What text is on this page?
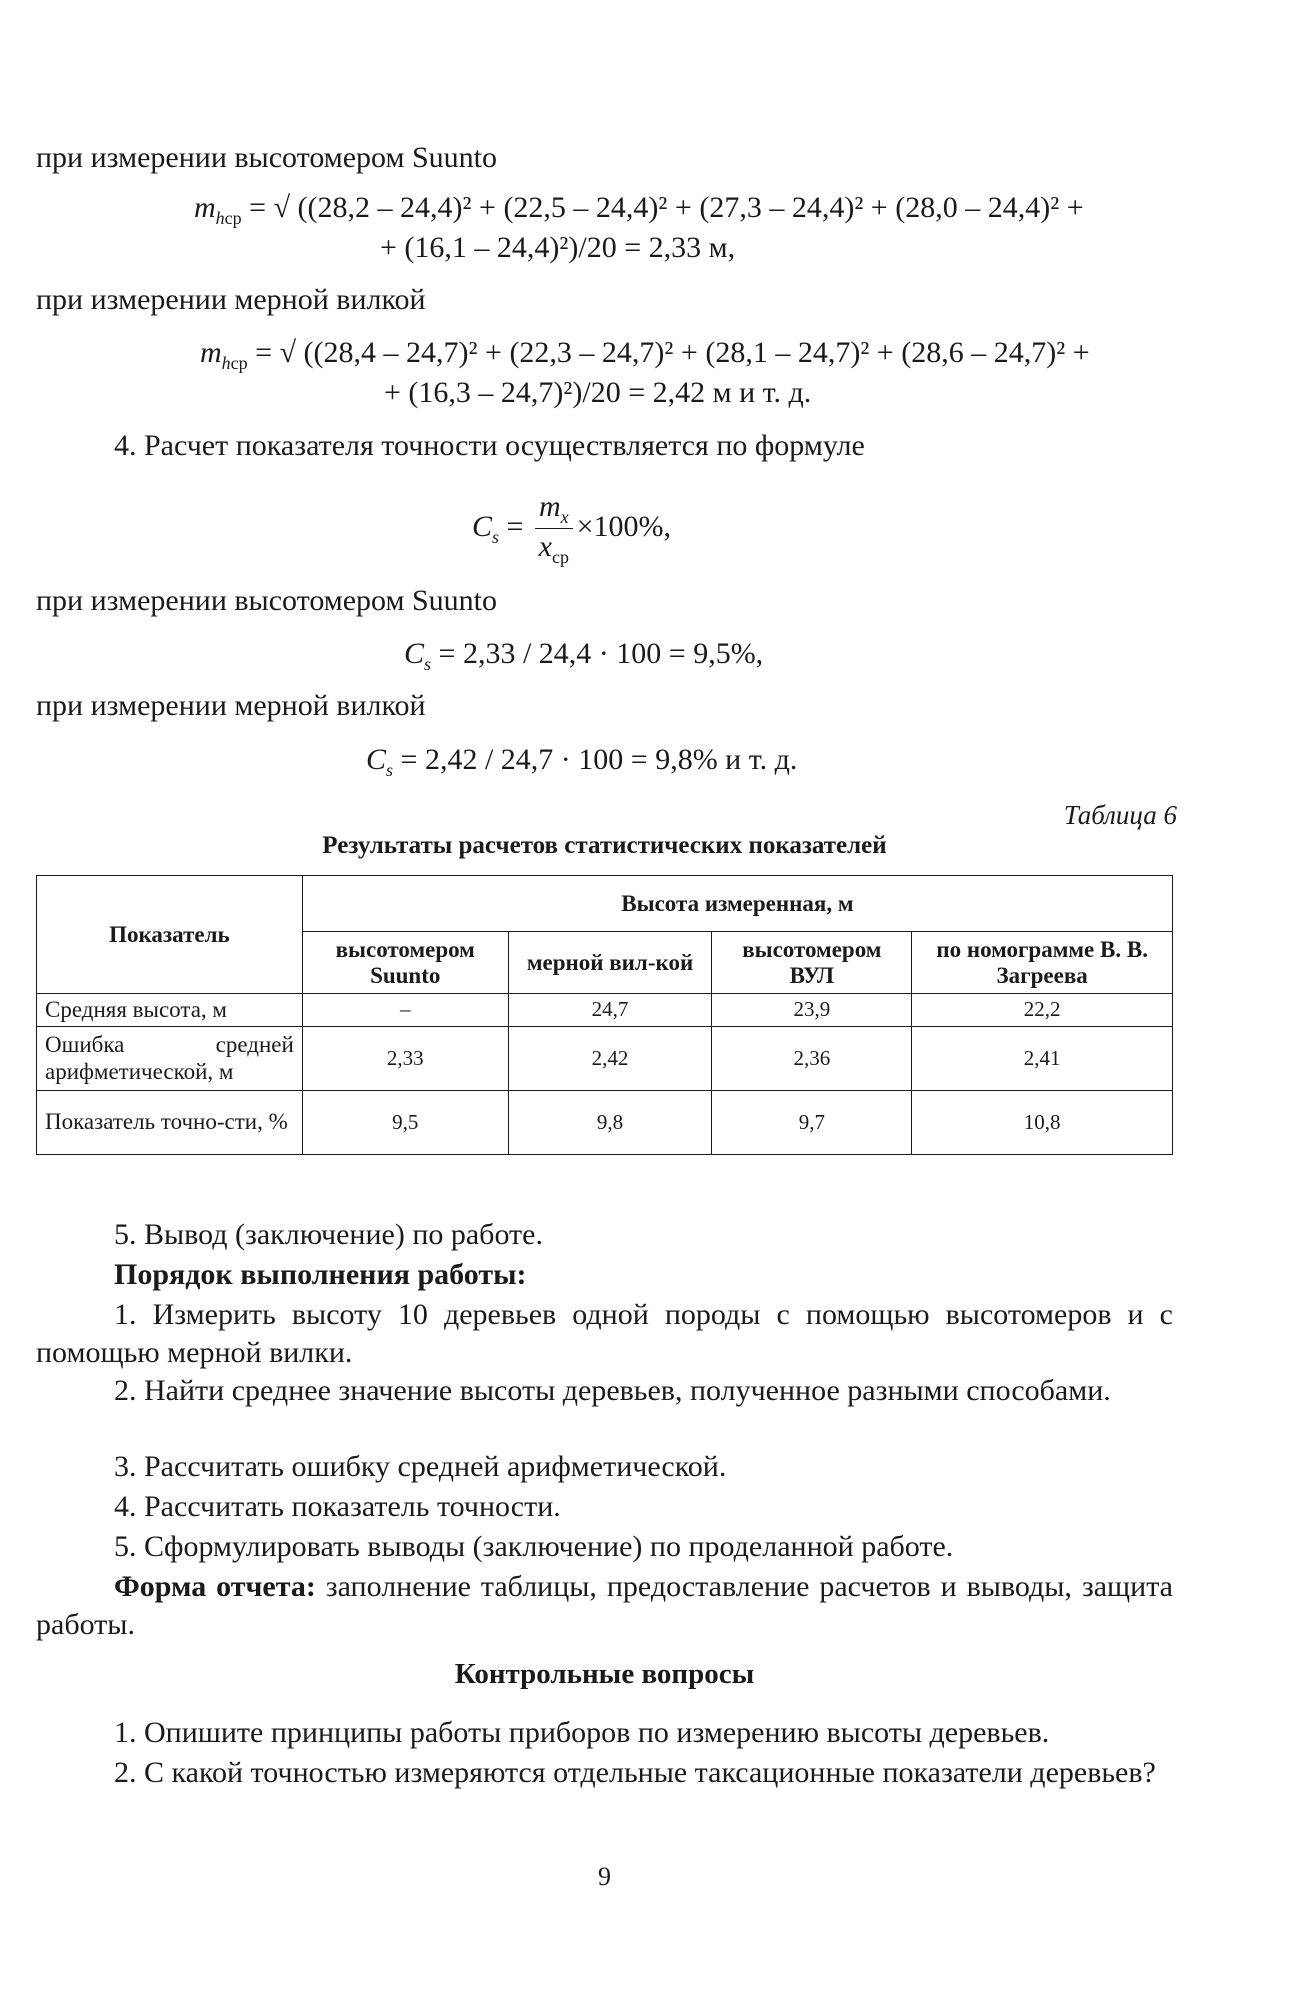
при измерении высотомером Suunto
$m_{hср}$ = √ ((28,2 – 24,4)² + (22,5 – 24,4)² + (27,3 – 24,4)² + (28,0 – 24,4)² +
+ (16,1 – 24,4)²)/20 = 2,33 м,
при измерении мерной вилкой
$m_{hср}$ = √ ((28,4 – 24,7)² + (22,3 – 24,7)² + (28,1 – 24,7)² + (28,6 – 24,7)² +
+ (16,3 – 24,7)²)/20 = 2,42 м и т. д.
4. Расчет показателя точности осуществляется по формуле
$C_s = \frac{m_x}{x_{ср}} \times 100\%$,
при измерении высотомером Suunto
$C_s = 2,33 / 24,4 \cdot 100 = 9,5\%$,
при измерении мерной вилкой
$C_s = 2,42 / 24,7 \cdot 100 = 9,8\%$ и т. д.
Таблица 6
Результаты расчетов статистических показателей
Показатель	Высота измеренная, м			
	высотомером Suunto	мерной вил-кой	высотомером ВУЛ	по номограмме В. В. Загреева
Средняя высота, м	–	24,7	23,9	22,2
Ошибка средней арифметической, м	2,33	2,42	2,36	2,41
Показатель точно-сти, %	9,5	9,8	9,7	10,8
5. Вывод (заключение) по работе.
Порядок выполнения работы:
1. Измерить высоту 10 деревьев одной породы с помощью высотомеров и с помощью мерной вилки.
2. Найти среднее значение высоты деревьев, полученное разными способами.
3. Рассчитать ошибку средней арифметической.
4. Рассчитать показатель точности.
5. Сформулировать выводы (заключение) по проделанной работе.
Форма отчета: заполнение таблицы, предоставление расчетов и выводы, защита работы.
Контрольные вопросы
1. Опишите принципы работы приборов по измерению высоты деревьев.
2. С какой точностью измеряются отдельные таксационные показатели деревьев?
9
